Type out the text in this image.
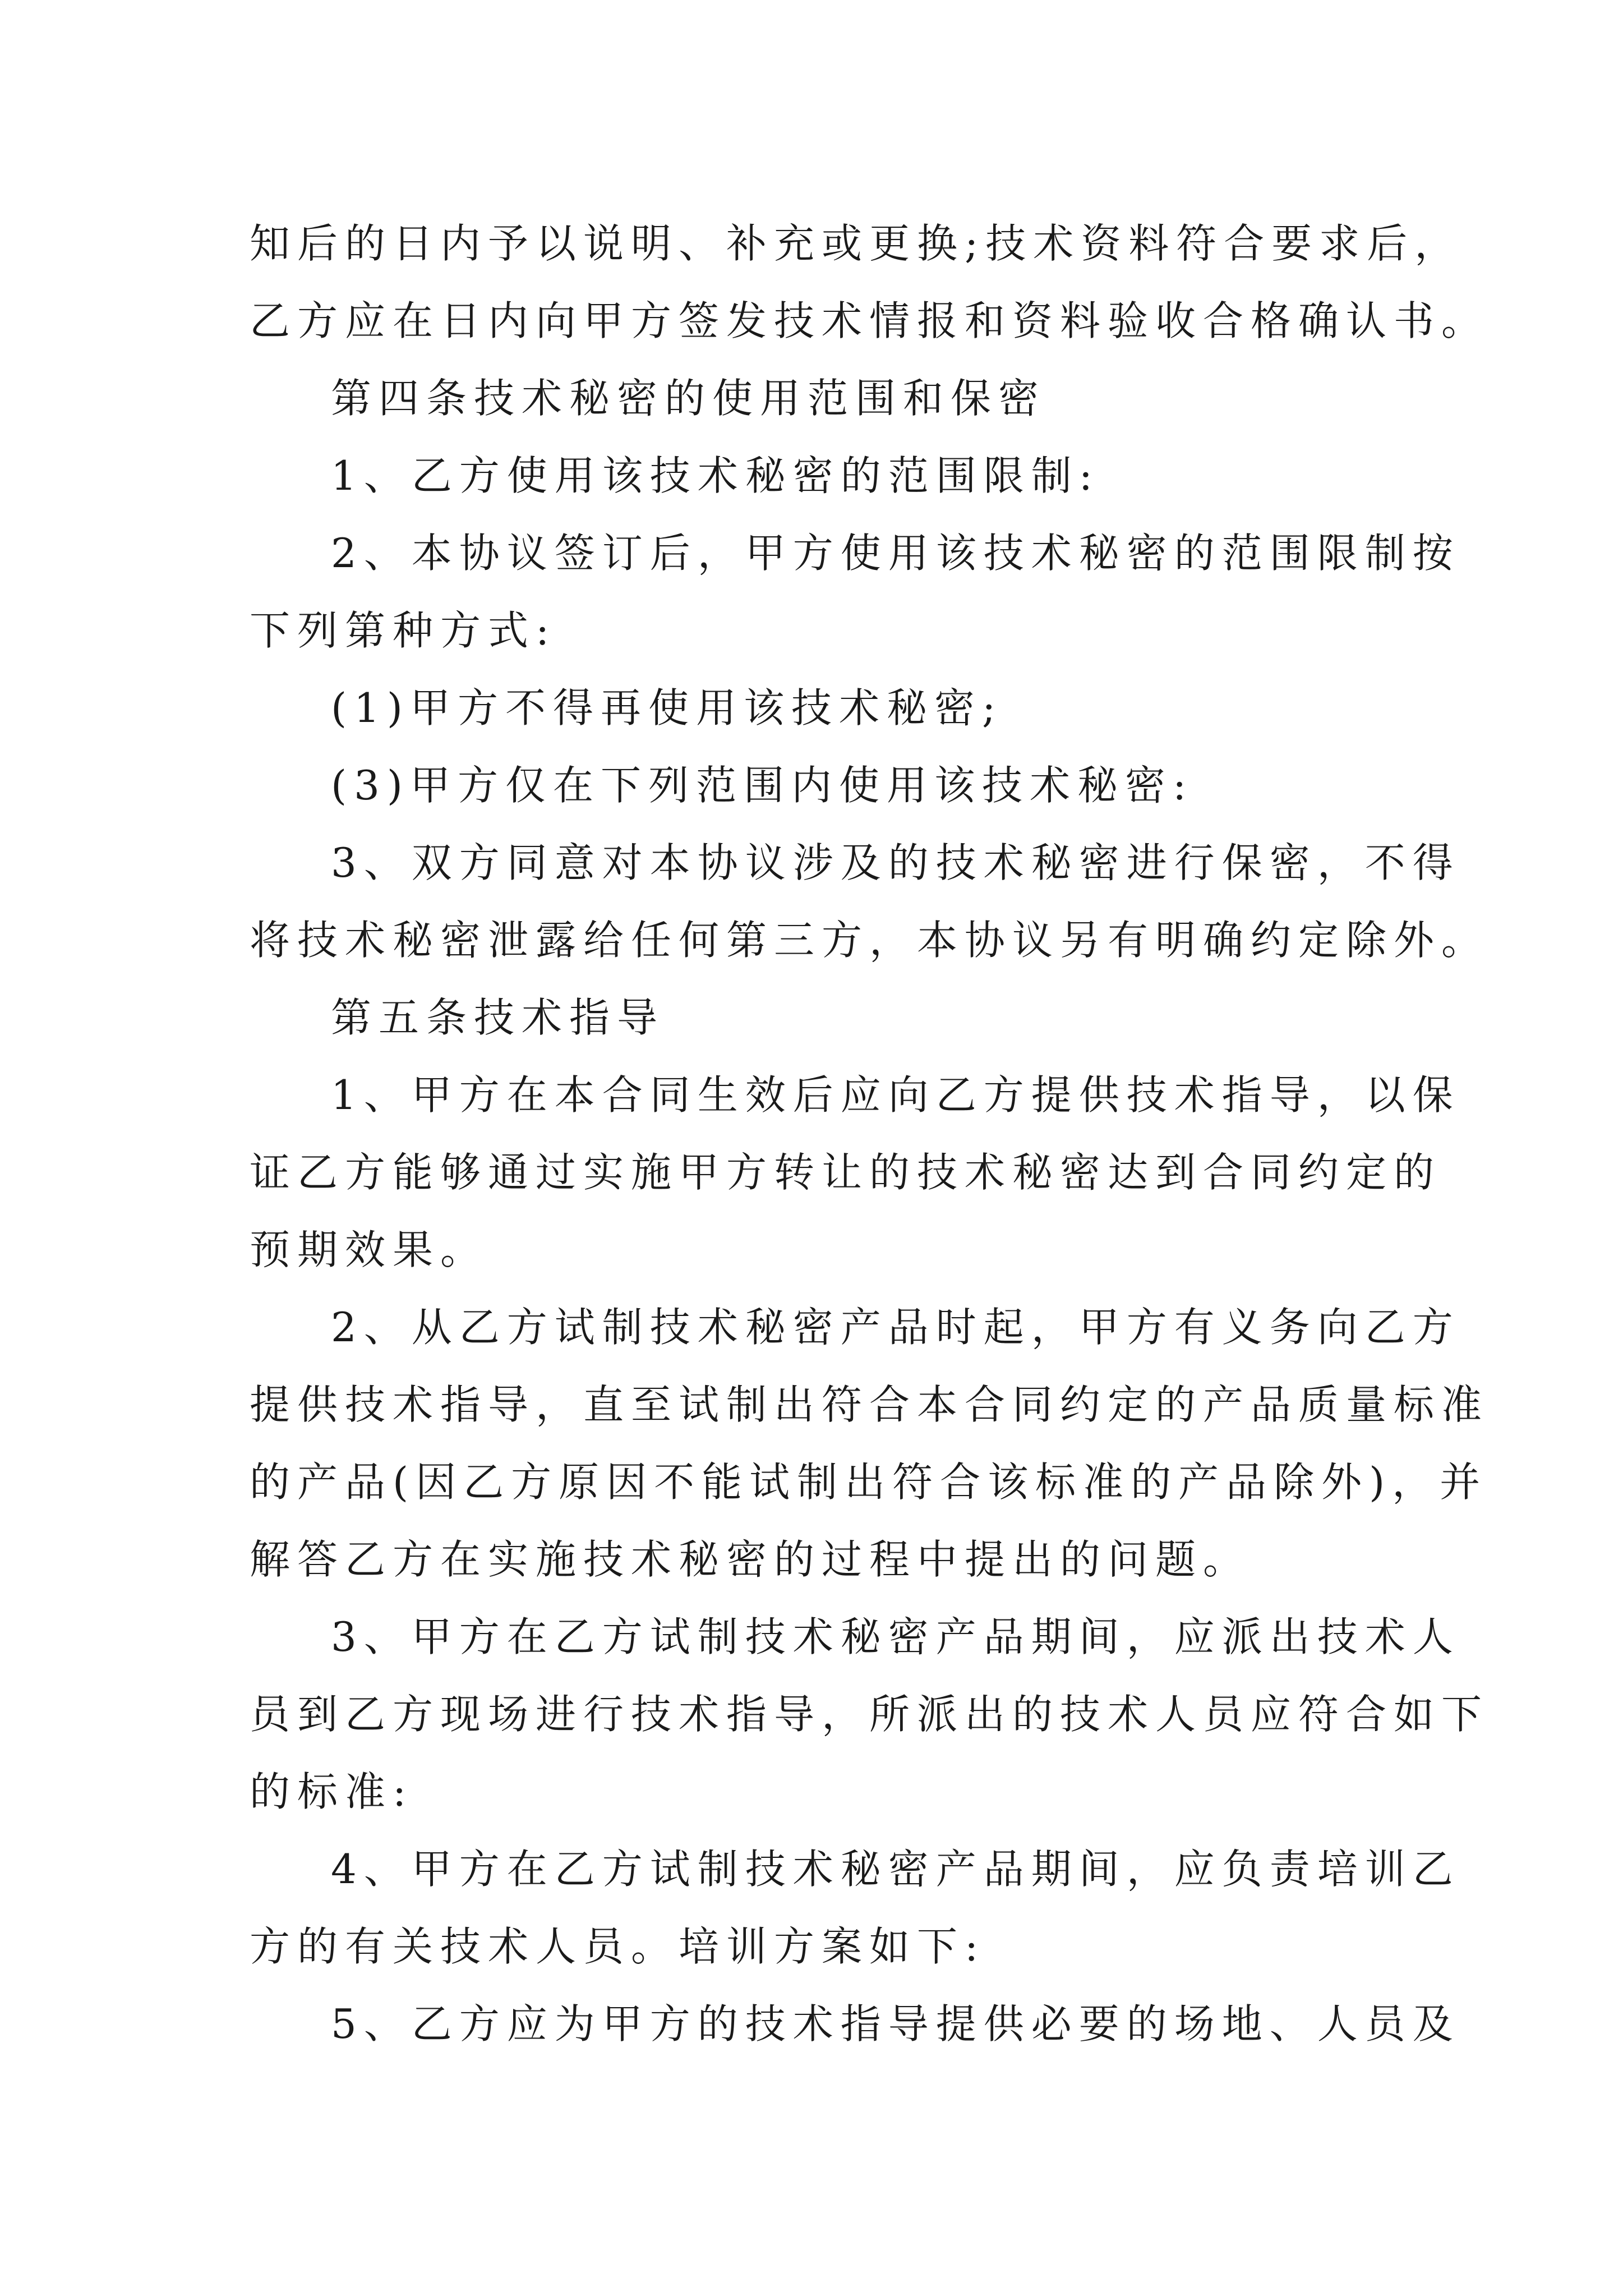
知后的日内予以说明、补充或更换;技术资料符合要求后，
乙方应在日内向甲方签发技术情报和资料验收合格确认书。
第四条技术秘密的使用范围和保密
1、乙方使用该技术秘密的范围限制:
2、本协议签订后，甲方使用该技术秘密的范围限制按
下列第种方式:
(1)甲方不得再使用该技术秘密;
(3)甲方仅在下列范围内使用该技术秘密:
3、双方同意对本协议涉及的技术秘密进行保密，不得
将技术秘密泄露给任何第三方，本协议另有明确约定除外。
第五条技术指导
1、甲方在本合同生效后应向乙方提供技术指导，以保
证乙方能够通过实施甲方转让的技术秘密达到合同约定的
预期效果。
2、从乙方试制技术秘密产品时起，甲方有义务向乙方
提供技术指导，直至试制出符合本合同约定的产品质量标准
的产品(因乙方原因不能试制出符合该标准的产品除外)，并
解答乙方在实施技术秘密的过程中提出的问题。
3、甲方在乙方试制技术秘密产品期间，应派出技术人
员到乙方现场进行技术指导，所派出的技术人员应符合如下
的标准:
4、甲方在乙方试制技术秘密产品期间，应负责培训乙
方的有关技术人员。培训方案如下:
5、乙方应为甲方的技术指导提供必要的场地、人员及
